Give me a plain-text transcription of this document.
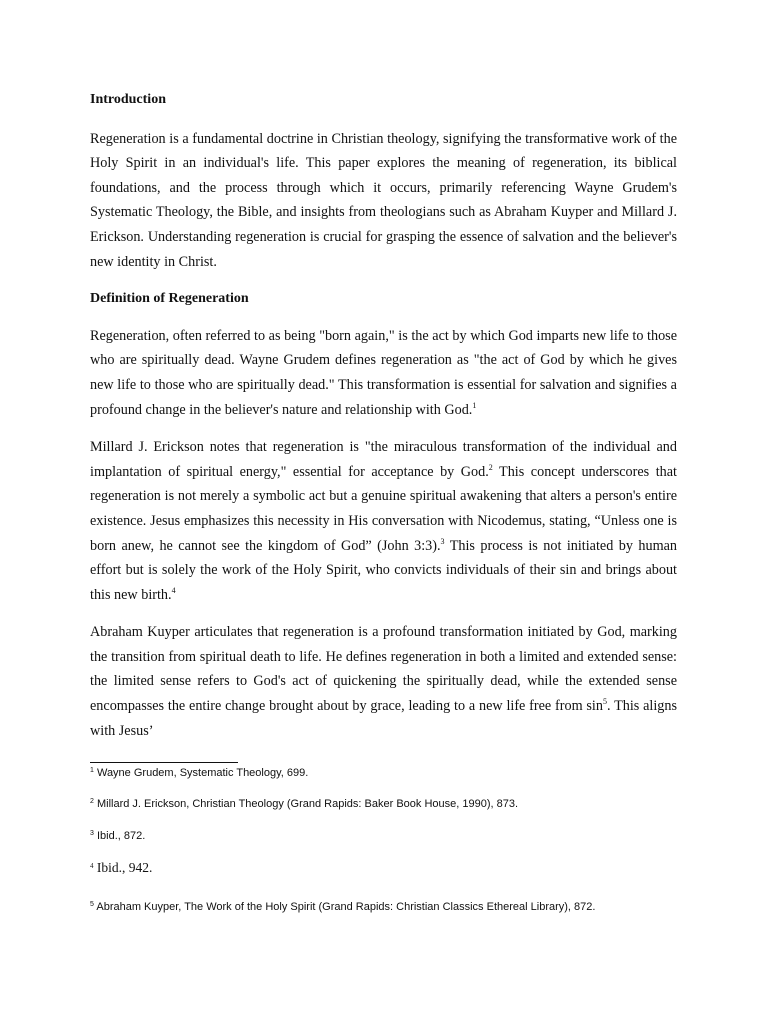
Introduction

Regeneration is a fundamental doctrine in Christian theology, signifying the transformative work of the Holy Spirit in an individual's life. This paper explores the meaning of regeneration, its biblical foundations, and the process through which it occurs, primarily referencing Wayne Grudem's Systematic Theology, the Bible, and insights from theologians such as Abraham Kuyper and Millard J. Erickson. Understanding regeneration is crucial for grasping the essence of salvation and the believer's new identity in Christ.

Definition of Regeneration

Regeneration, often referred to as being "born again," is the act by which God imparts new life to those who are spiritually dead. Wayne Grudem defines regeneration as "the act of God by which he gives new life to those who are spiritually dead." This transformation is essential for salvation and signifies a profound change in the believer's nature and relationship with God.$^1$

Millard J. Erickson notes that regeneration is "the miraculous transformation of the individual and implantation of spiritual energy," essential for acceptance by God.$^2$ This concept underscores that regeneration is not merely a symbolic act but a genuine spiritual awakening that alters a person's entire existence. Jesus emphasizes this necessity in His conversation with Nicodemus, stating, “Unless one is born anew, he cannot see the kingdom of God” (John 3:3).$^3$ This process is not initiated by human effort but is solely the work of the Holy Spirit, who convicts individuals of their sin and brings about this new birth.$^4$

Abraham Kuyper articulates that regeneration is a profound transformation initiated by God, marking the transition from spiritual death to life. He defines regeneration in both a limited and extended sense: the limited sense refers to God's act of quickening the spiritually dead, while the extended sense encompasses the entire change brought about by grace, leading to a new life free from $\sin^5$. This aligns with Jesus’

$^1$ Wayne Grudem, Systematic Theology, 699.

$^2$ Millard J. Erickson, Christian Theology (Grand Rapids: Baker Book House, 1990), 873.

$^3$ Ibid., 872.

$^4$ Ibid., 942.

$^5$ Abraham Kuyper, The Work of the Holy Spirit (Grand Rapids: Christian Classics Ethereal Library), 872.
